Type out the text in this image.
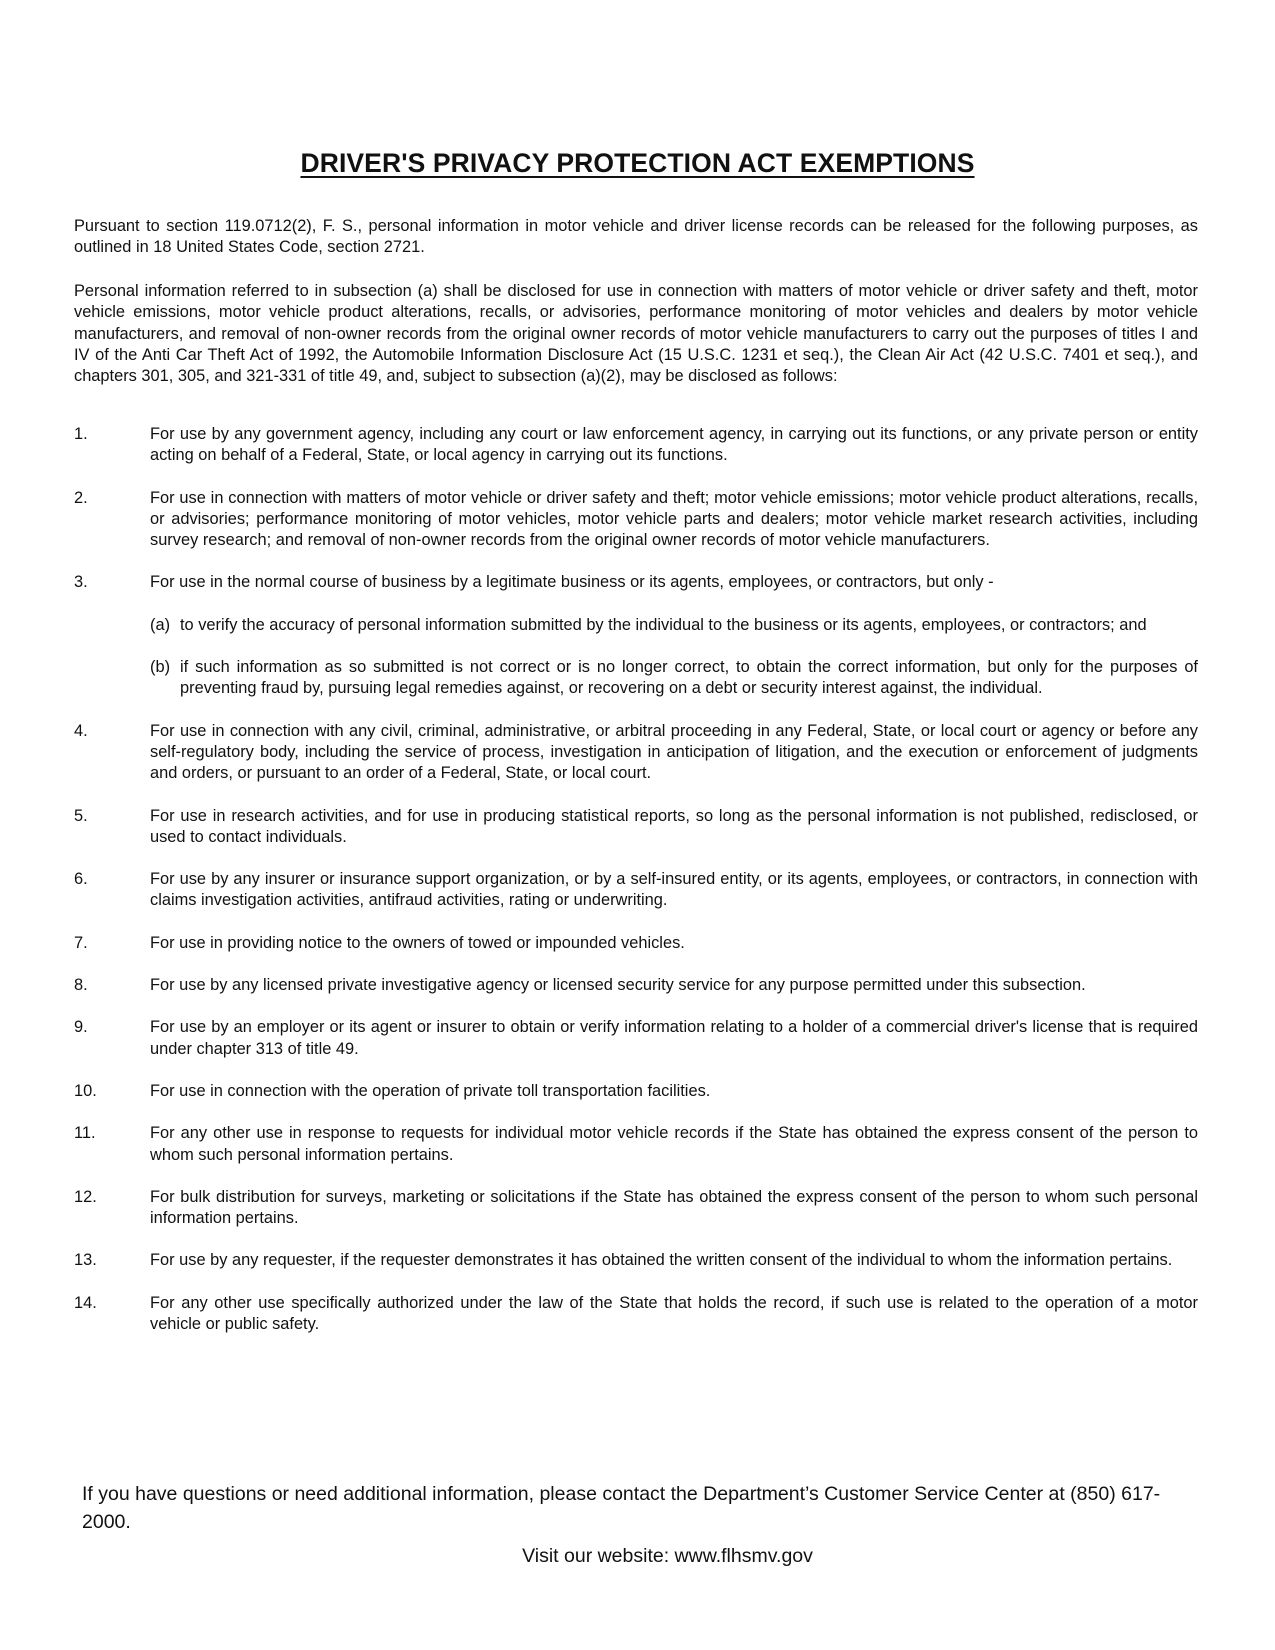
DRIVER'S PRIVACY PROTECTION ACT EXEMPTIONS
Pursuant to section 119.0712(2), F. S., personal information in motor vehicle and driver license records can be released for the following purposes, as outlined in 18 United States Code, section 2721.
Personal information referred to in subsection (a) shall be disclosed for use in connection with matters of motor vehicle or driver safety and theft, motor vehicle emissions, motor vehicle product alterations, recalls, or advisories, performance monitoring of motor vehicles and dealers by motor vehicle manufacturers, and removal of non-owner records from the original owner records of motor vehicle manufacturers to carry out the purposes of titles I and IV of the Anti Car Theft Act of 1992, the Automobile Information Disclosure Act (15 U.S.C. 1231 et seq.), the Clean Air Act (42 U.S.C. 7401 et seq.), and chapters 301, 305, and 321-331 of title 49, and, subject to subsection (a)(2), may be disclosed as follows:
1.	For use by any government agency, including any court or law enforcement agency, in carrying out its functions, or any private person or entity acting on behalf of a Federal, State, or local agency in carrying out its functions.
2.	For use in connection with matters of motor vehicle or driver safety and theft; motor vehicle emissions; motor vehicle product alterations, recalls, or advisories; performance monitoring of motor vehicles, motor vehicle parts and dealers; motor vehicle market research activities, including survey research; and removal of non-owner records from the original owner records of motor vehicle manufacturers.
3.	For use in the normal course of business by a legitimate business or its agents, employees, or contractors, but only -
(a) to verify the accuracy of personal information submitted by the individual to the business or its agents, employees, or contractors; and
(b) if such information as so submitted is not correct or is no longer correct, to obtain the correct information, but only for the purposes of preventing fraud by, pursuing legal remedies against, or recovering on a debt or security interest against, the individual.
4.	For use in connection with any civil, criminal, administrative, or arbitral proceeding in any Federal, State, or local court or agency or before any self-regulatory body, including the service of process, investigation in anticipation of litigation, and the execution or enforcement of judgments and orders, or pursuant to an order of a Federal, State, or local court.
5.	For use in research activities, and for use in producing statistical reports, so long as the personal information is not published, redisclosed, or used to contact individuals.
6.	For use by any insurer or insurance support organization, or by a self-insured entity, or its agents, employees, or contractors, in connection with claims investigation activities, antifraud activities, rating or underwriting.
7.	For use in providing notice to the owners of towed or impounded vehicles.
8.	For use by any licensed private investigative agency or licensed security service for any purpose permitted under this subsection.
9.	For use by an employer or its agent or insurer to obtain or verify information relating to a holder of a commercial driver's license that is required under chapter 313 of title 49.
10.	For use in connection with the operation of private toll transportation facilities.
11.	For any other use in response to requests for individual motor vehicle records if the State has obtained the express consent of the person to whom such personal information pertains.
12.	For bulk distribution for surveys, marketing or solicitations if the State has obtained the express consent of the person to whom such personal information pertains.
13.	For use by any requester, if the requester demonstrates it has obtained the written consent of the individual to whom the information pertains.
14.	For any other use specifically authorized under the law of the State that holds the record, if such use is related to the operation of a motor vehicle or public safety.
If you have questions or need additional information, please contact the Department’s Customer Service Center at (850) 617-2000.
Visit our website: www.flhsmv.gov
